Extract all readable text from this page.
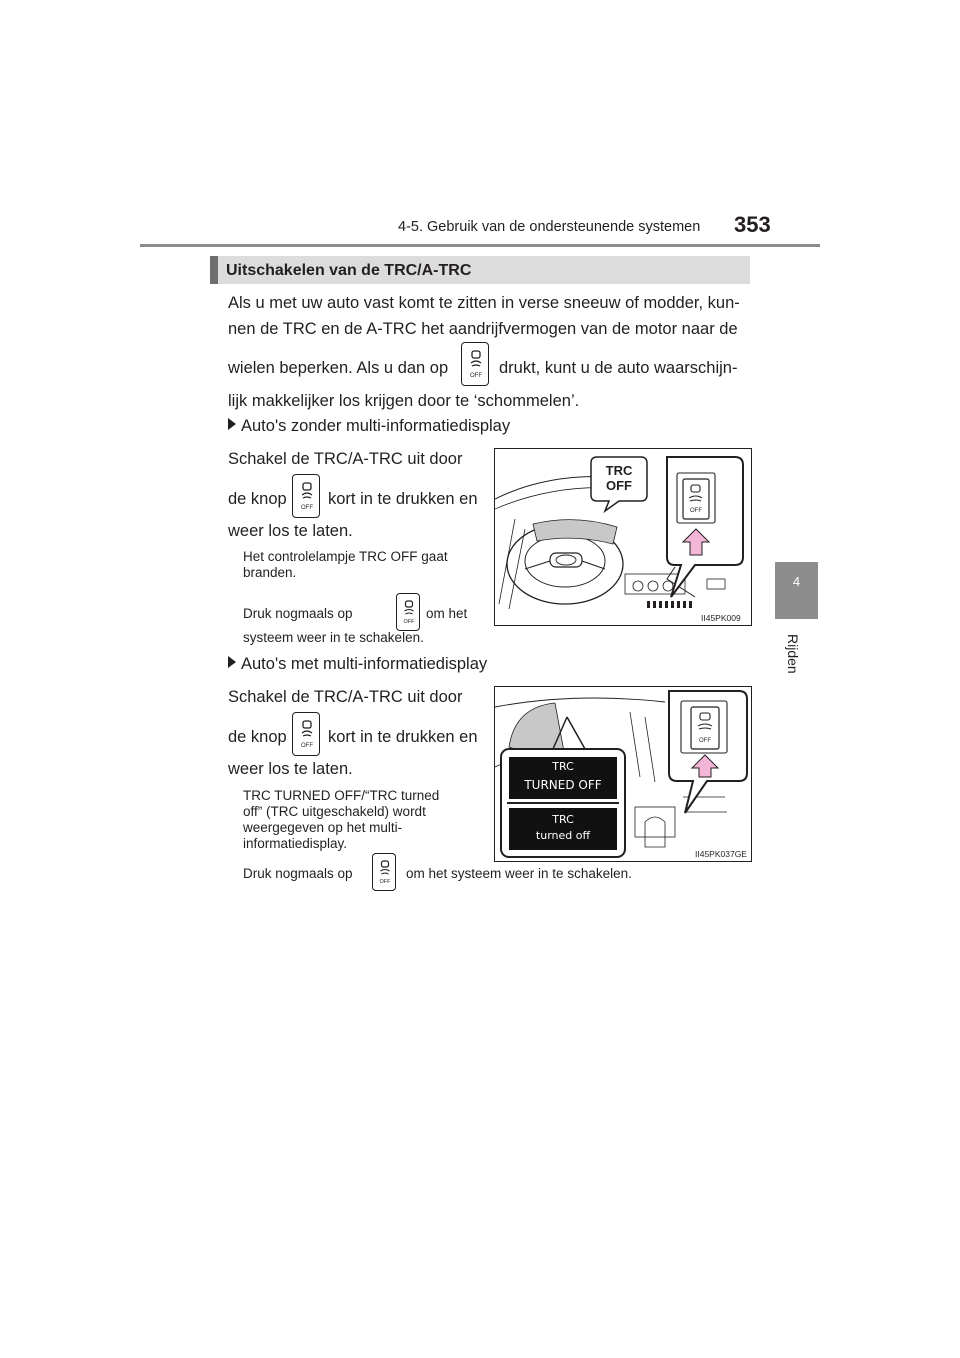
4-5. Gebruik van de ondersteunende systemen 353
4
Rijden
Uitschakelen van de TRC/A-TRC
Als u met uw auto vast komt te zitten in verse sneeuw of modder, kun-
nen de TRC en de A-TRC het aandrijfvermogen van de motor naar de
wielen beperken. Als u dan op	OFF drukt, kunt u de auto waarschijn-
lijk makkelijker los krijgen door te ‘schommelen’.
Auto's zonder multi-informatiedisplay
Schakel de TRC/A-TRC uit door
de knop OFF kort in te drukken en
weer los te laten.
Het controlelampje TRC OFF gaat
branden.
Druk nogmaals op
OFF
om het
systeem weer in te schakelen.
TRC
OFF
OFF
II45PK009
Auto's met multi-informatiedisplay
Schakel de TRC/A-TRC uit door
de knop OFF kort in te drukken en
weer los te laten.
TRC TURNED OFF/“TRC turned
off” (TRC uitgeschakeld) wordt
weergegeven op het multi-
informatiedisplay.
Druk nogmaals op
OFF
om het systeem weer in te schakelen.
OFF
TRC
TURNED OFF
TRC
turned off
II45PK037GE
